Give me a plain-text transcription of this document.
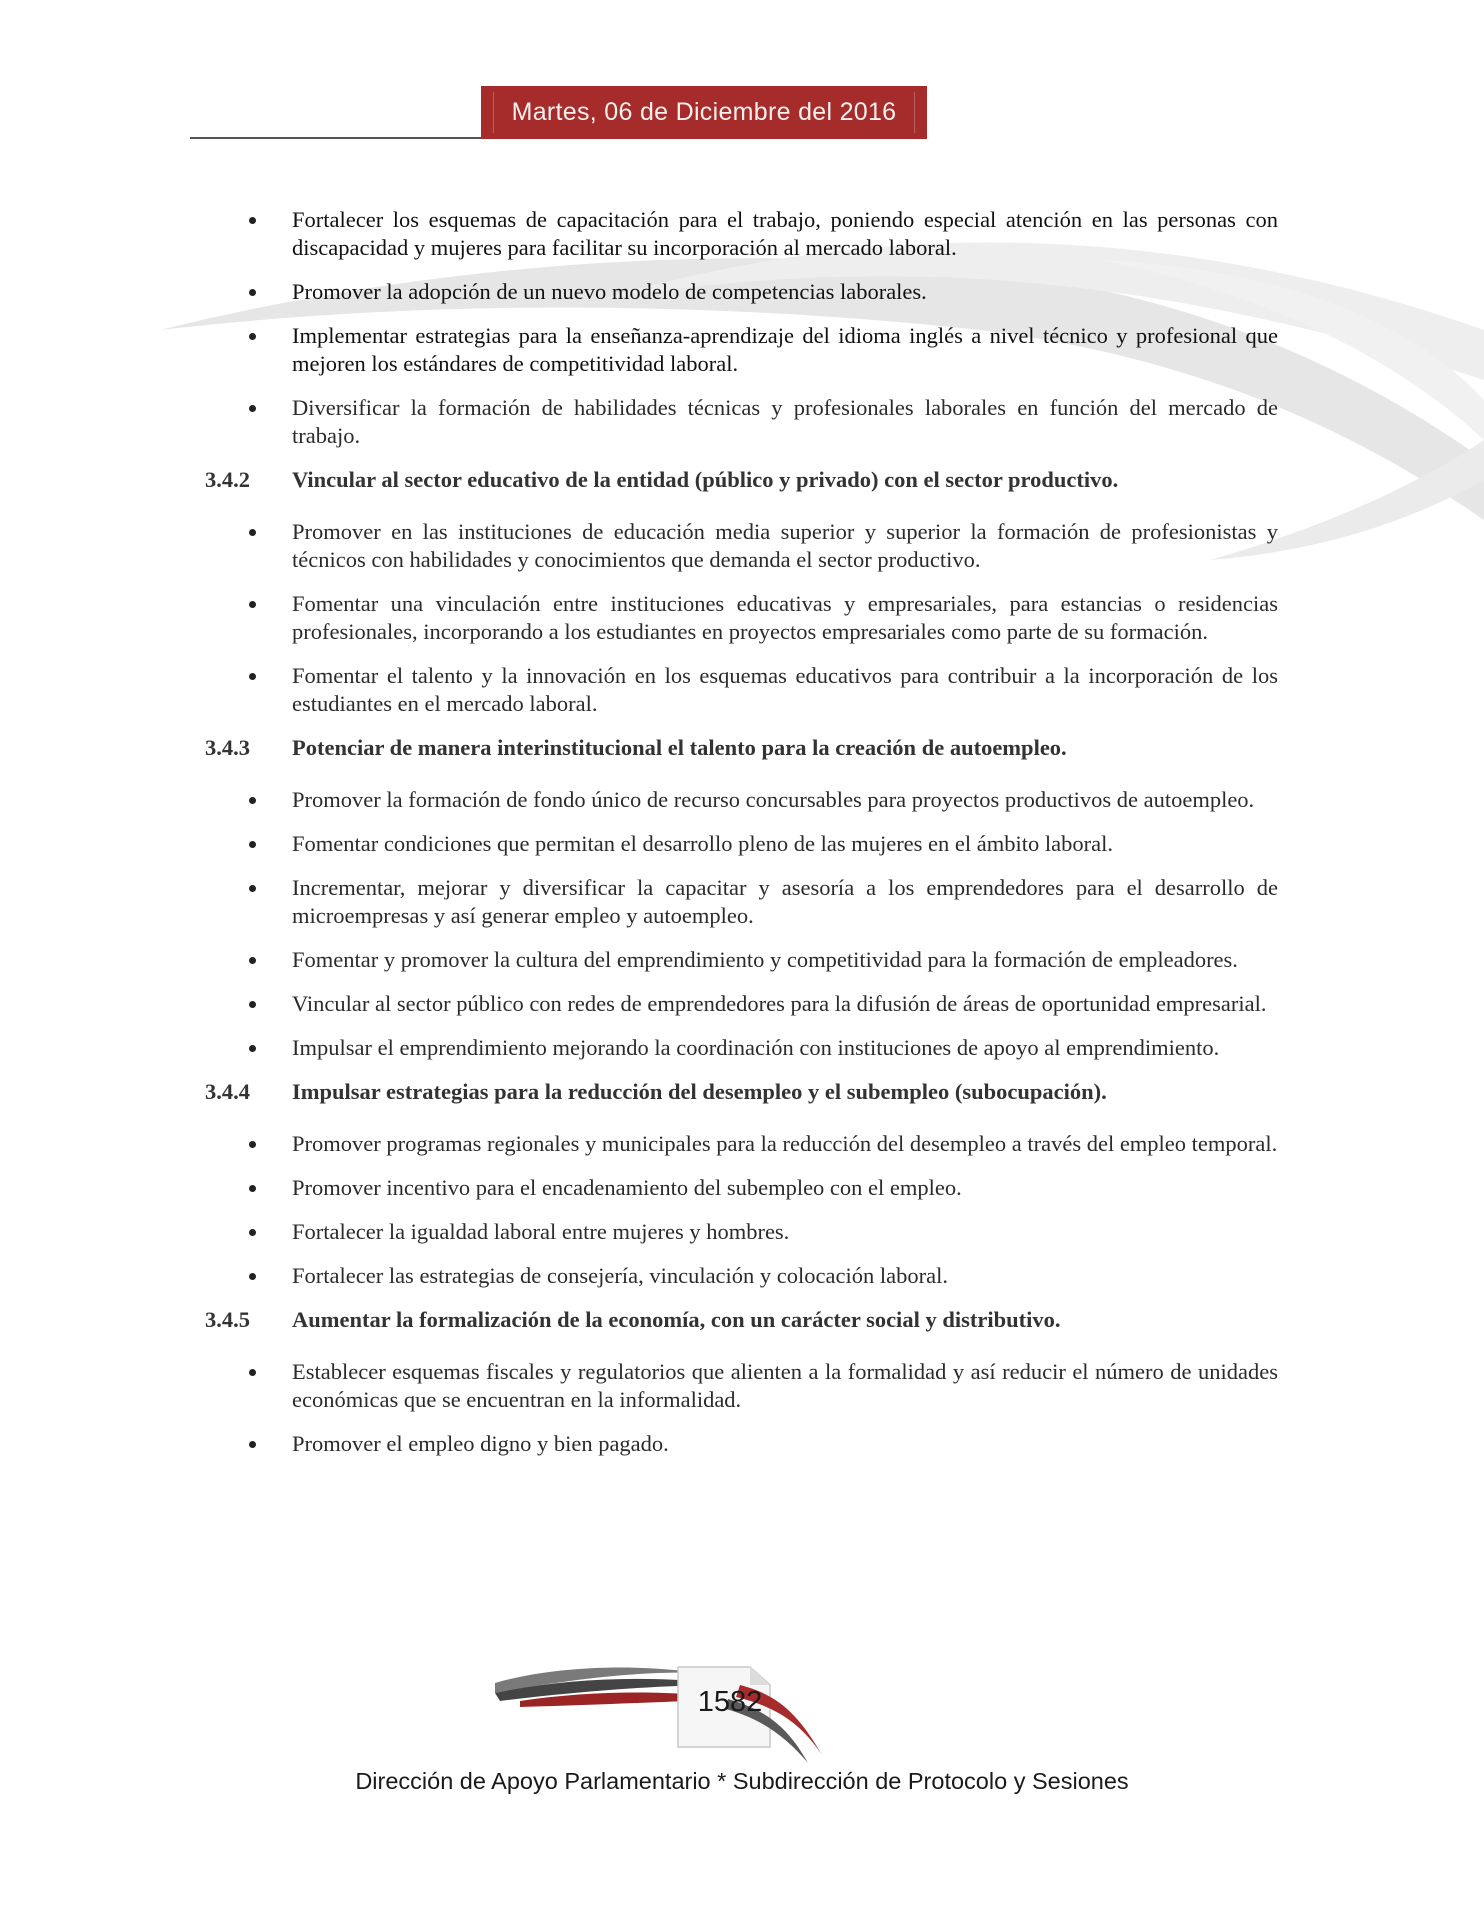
Martes, 06 de Diciembre del 2016
Fortalecer los esquemas de capacitación para el trabajo, poniendo especial atención en las personas con discapacidad y mujeres para facilitar su incorporación al mercado laboral.
Promover la adopción de un nuevo modelo de competencias laborales.
Implementar estrategias para la enseñanza-aprendizaje del idioma inglés a nivel técnico y profesional que mejoren los estándares de competitividad laboral.
Diversificar la formación de habilidades técnicas y profesionales laborales en función del mercado de trabajo.
3.4.2	Vincular al sector educativo de la entidad (público y privado) con el sector productivo.
Promover en las instituciones de educación media superior y superior la formación de profesionistas y técnicos con habilidades y conocimientos que demanda el sector productivo.
Fomentar una vinculación entre instituciones educativas y empresariales, para estancias o residencias profesionales, incorporando a los estudiantes en proyectos empresariales como parte de su formación.
Fomentar el talento y la innovación en los esquemas educativos para contribuir a la incorporación de los estudiantes en el mercado laboral.
3.4.3	Potenciar de manera interinstitucional el talento para la creación de autoempleo.
Promover la formación de fondo único de recurso concursables para proyectos productivos de autoempleo.
Fomentar condiciones que permitan el desarrollo pleno de las mujeres en el ámbito laboral.
Incrementar, mejorar y diversificar la capacitar y asesoría a los emprendedores para el desarrollo de microempresas y así generar empleo y autoempleo.
Fomentar y promover la cultura del emprendimiento y competitividad para la formación de empleadores.
Vincular al sector público con redes de emprendedores para la difusión de áreas de oportunidad empresarial.
Impulsar el emprendimiento mejorando la coordinación con instituciones de apoyo al emprendimiento.
3.4.4	Impulsar estrategias para la reducción del desempleo y el subempleo (subocupación).
Promover programas regionales y municipales para la reducción del desempleo a través del empleo temporal.
Promover incentivo para el encadenamiento del subempleo con el empleo.
Fortalecer la igualdad laboral entre mujeres y hombres.
Fortalecer las estrategias de consejería, vinculación y colocación laboral.
3.4.5	Aumentar la formalización de la economía, con un carácter social y distributivo.
Establecer esquemas fiscales y regulatorios que alienten a la formalidad y así reducir el número de unidades económicas que se encuentran en la informalidad.
Promover el empleo digno y bien pagado.
1582
Dirección de Apoyo Parlamentario * Subdirección de Protocolo y Sesiones
